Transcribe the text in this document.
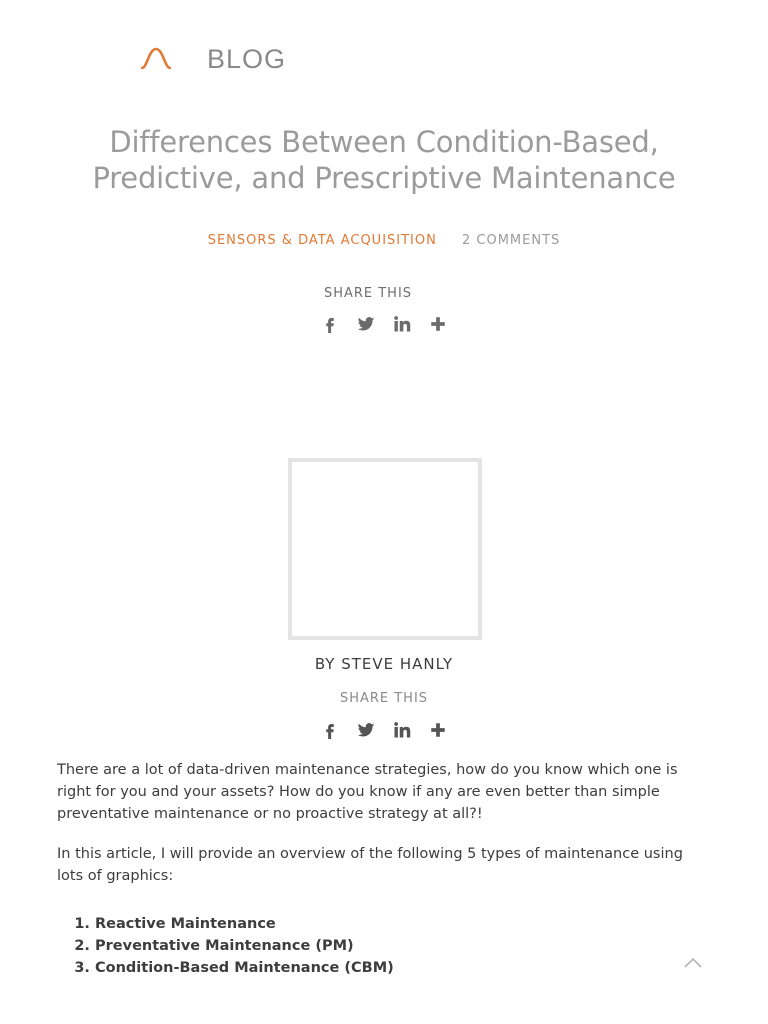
BLOG
Differences Between Condition-Based, Predictive, and Prescriptive Maintenance
SENSORS & DATA ACQUISITION 2 COMMENTS
SHARE THIS
BY STEVE HANLY
SHARE THIS

There are a lot of data-driven maintenance strategies, how do you know which one is right for you and your assets? How do you know if any are even better than simple preventative maintenance or no proactive strategy at all?!

In this article, I will provide an overview of the following 5 types of maintenance using lots of graphics:

1. Reactive Maintenance
2. Preventative Maintenance (PM)
3. Condition-Based Maintenance (CBM)
